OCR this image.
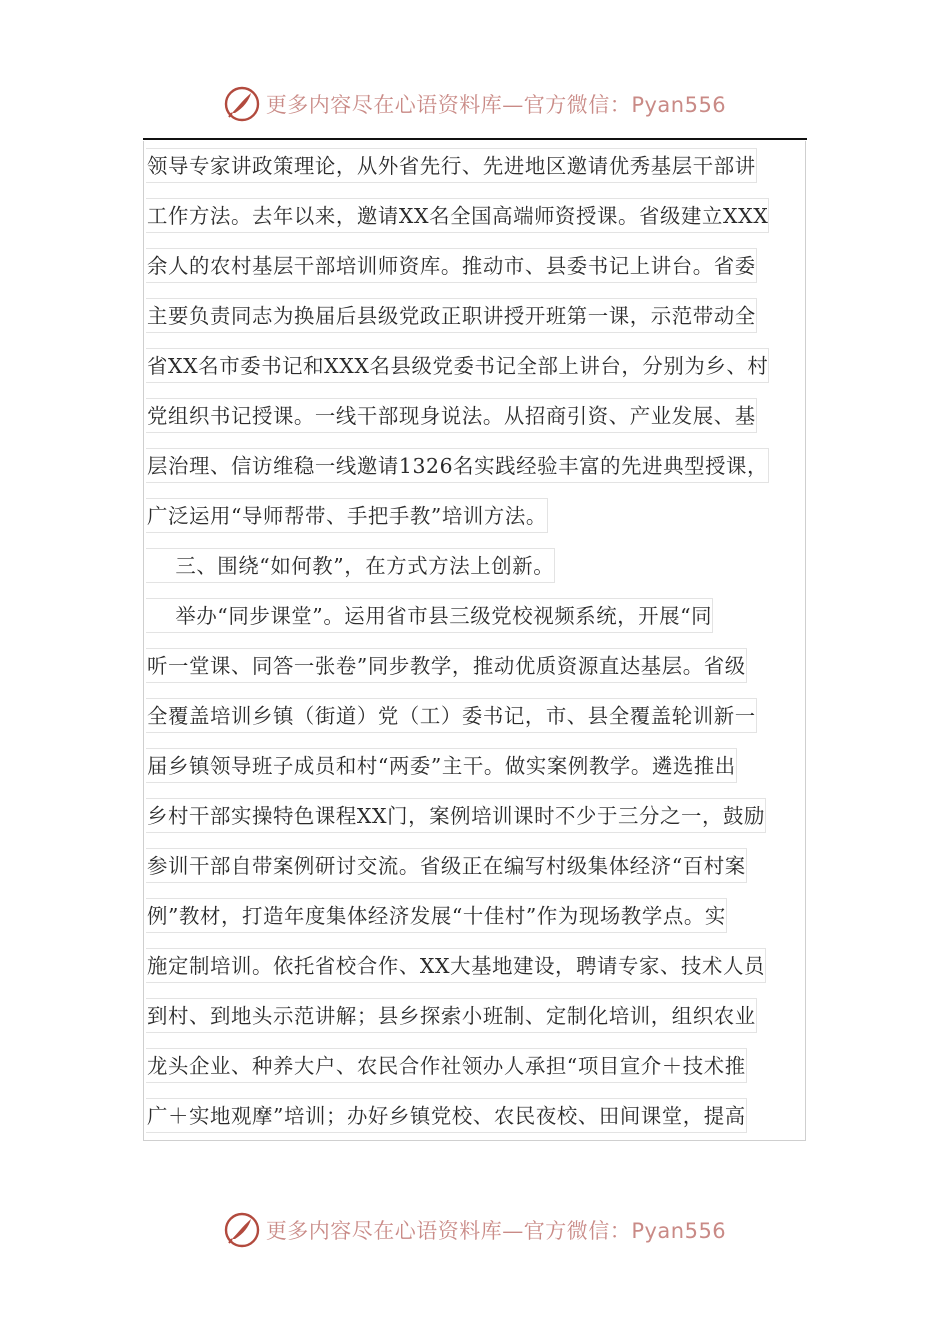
更多内容尽在心语资料库—官方微信：Pyan556
领导专家讲政策理论，从外省先行、先进地区邀请优秀基层干部讲
工作方法。去年以来，邀请XX名全国高端师资授课。省级建立XXX
余人的农村基层干部培训师资库。推动市、县委书记上讲台。省委
主要负责同志为换届后县级党政正职讲授开班第一课，示范带动全
省XX名市委书记和XXX名县级党委书记全部上讲台，分别为乡、村
党组织书记授课。一线干部现身说法。从招商引资、产业发展、基
层治理、信访维稳一线邀请1326名实践经验丰富的先进典型授课，
广泛运用“导师帮带、手把手教”培训方法。
三、围绕“如何教”，在方式方法上创新。
举办“同步课堂”。运用省市县三级党校视频系统，开展“同
听一堂课、同答一张卷”同步教学，推动优质资源直达基层。省级
全覆盖培训乡镇（街道）党（工）委书记，市、县全覆盖轮训新一
届乡镇领导班子成员和村“两委”主干。做实案例教学。遴选推出
乡村干部实操特色课程XX门，案例培训课时不少于三分之一，鼓励
参训干部自带案例研讨交流。省级正在编写村级集体经济“百村案
例”教材，打造年度集体经济发展“十佳村”作为现场教学点。实
施定制培训。依托省校合作、XX大基地建设，聘请专家、技术人员
到村、到地头示范讲解；县乡探索小班制、定制化培训，组织农业
龙头企业、种养大户、农民合作社领办人承担“项目宣介＋技术推
广＋实地观摩”培训；办好乡镇党校、农民夜校、田间课堂，提高
更多内容尽在心语资料库—官方微信：Pyan556
